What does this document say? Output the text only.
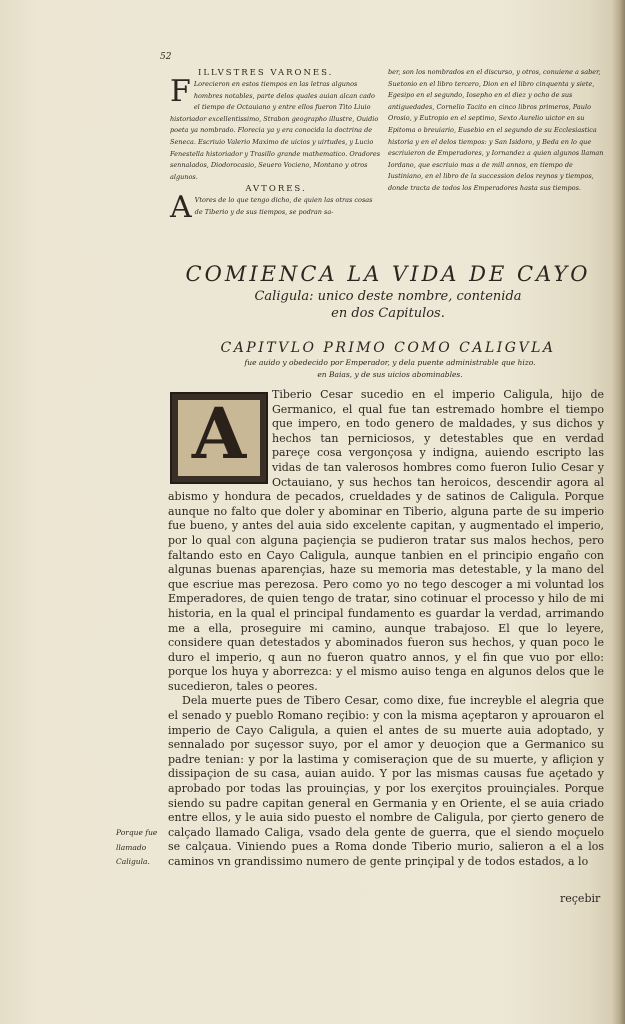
52
ILLVSTRES VARONES.
F Lorecieron en estos tiempos en las letras algunos hombres notables, parte delos quales auian alcan cado el tiempo de Octauiano y entre ellos fueron Tito Liuio historiador excellentissimo, Strabon geographo illustre, Ouidio poeta ya nombrado. Florecia ya y era conocida la doctrina de Seneca. Escriuio Valerio Maximo de uicios y uirtudes, y Lucio Fenestella historiador y Trasillo grande mathematico. Oradores sennalados, Diodorocasio, Seuero Vocieno, Montano y otros algunos.
AVTORES.
A Vtores de lo que tengo dicho, de quien las otras cosas de Tiberio y de sus tiempos, se podran sa-
ber, son los nombrados en el discurso, y otros, conuiene a saber, Suetonio en el libro tercero, Dion en el libro cinquenta y siete, Egesipo en el segundo, Iosepho en el diez y ocho de sus antiguedades, Cornelio Tacito en cinco libros primeros, Paulo Orosio, y Eutropio en el septimo, Sexto Aurelio uictor en su Epitoma o breuiario, Eusebio en el segundo de su Ecclesiastica historia y en el delos tiempos: y San Isidoro, y Beda en lo que escriuieron de Emperadores, y Iornandez a quien algunos llaman Iordano, que escriuio mas a de mill annos, en tiempo de Iustiniano, en el libro de la succession delos reynos y tiempos, donde tracta de todos los Emperadores hasta sus tiempos.
COMIENCA LA VIDA DE CAYO
Caligula: unico deste nombre, contenida
en dos Capitulos.
CAPITVLO PRIMO COMO CALIGVLA
fue auido y obedecido por Emperador, y dela puente administrable que hizo.
en Baias, y de sus uicios abominables.

Tiberio Cesar sucedio en el imperio Caligula, hijo de Germanico, el qual fue tan estremado hombre el tiempo que impero, en todo genero de maldades, y sus dichos y hechos tan perniciosos, y detestables que en verdad pareçe cosa vergonçosa y indigna, auiendo escripto las vidas de tan valerosos hombres como fueron Iulio Cesar y Octauiano, y sus hechos tan heroicos, descendir agora al abismo y hondura de pecados, crueldades y de satinos de Caligula. Porque aunque no falto que doler y abominar en Tiberio, alguna parte de su imperio fue bueno, y antes del auia sido excelente capitan, y augmentado el imperio, por lo qual con alguna paçiençia se pudieron tratar sus malos hechos, pero faltando esto en Cayo Caligula, aunque tanbien en el principio engaño con algunas buenas aparençias, haze su memoria mas detestable, y la mano del que escriue mas perezosa. Pero como yo no tego descoger a mi voluntad los Emperadores, de quien tengo de tratar, sino cotinuar el processo y hilo de mi historia, en la qual el principal fundamento es guardar la verdad, arrimando me a ella, proseguire mi camino, aunque trabajoso. El que lo leyere, considere quan detestados y abominados fueron sus hechos, y quan poco le duro el imperio, q aun no fueron quatro annos, y el fin que vuo por ello: porque los huya y aborrezca: y el mismo auiso tenga en algunos delos que le sucedieron, tales o peores.

Dela muerte pues de Tibero Cesar, como dixe, fue increyble el alegria que el senado y pueblo Romano reçibio: y con la misma açeptaron y aprouaron el imperio de Cayo Caligula, a quien el antes de su muerte auia adoptado, y sennalado por suçessor suyo, por el amor y deuoçion que a Germanico su padre tenian: y por la lastima y comiseraçion que de su muerte, y afliçion y dissipaçion de su casa, auian auido. Y por las mismas causas fue açetado y aprobado por todas las prouinçias, y por los exerçitos prouinçiales. Porque siendo su padre capitan general en Germania y en Oriente, el se auia criado entre ellos, y le auia sido puesto el nombre de Caligula, por çierto genero de calçado llamado Caliga, vsado dela gente de guerra, que el siendo moçuelo se calçaua. Viniendo pues a Roma donde Tiberio murio, salieron a el a los caminos vn grandissimo numero de gente prinçipal y de todos estados, a lo

A
Porque fue llamado Caligula.
reçebir
